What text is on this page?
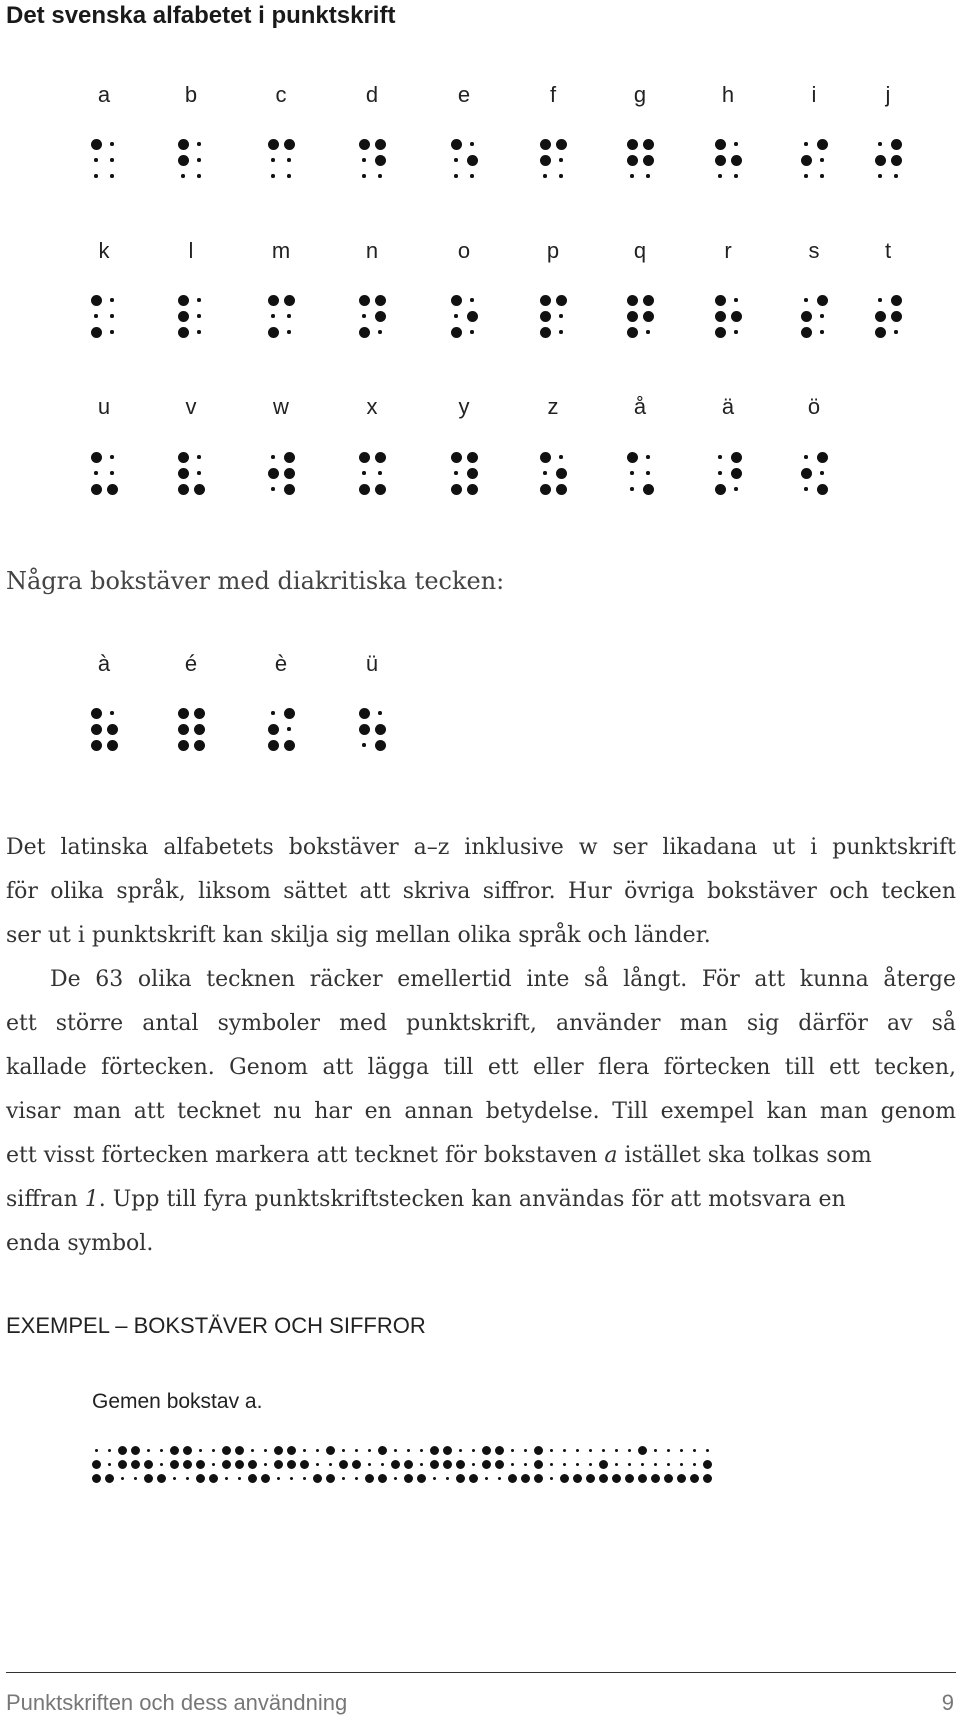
Det svenska alfabetet i punktskrift
a	b	c	d	e	f	g	h	i	j
k	l	m	n	o	p	q	r	s	t
u	v	w	x	y	z	å	ä	ö

Några bokstäver med diakritiska tecken:

à	é	è	ü
Det latinska alfabetets bokstäver a–z inklusive w ser likadana ut i punktskrift
för olika språk, liksom sättet att skriva siffror. Hur övriga bokstäver och tecken
ser ut i punktskrift kan skilja sig mellan olika språk och länder.
De 63 olika tecknen räcker emellertid inte så långt. För att kunna återge
ett större antal symboler med punktskrift, använder man sig därför av så
kallade förtecken. Genom att lägga till ett eller flera förtecken till ett tecken,
visar man att tecknet nu har en annan betydelse. Till exempel kan man genom
ett visst förtecken markera att tecknet för bokstaven a istället ska tolkas som
siffran 1. Upp till fyra punktskriftstecken kan användas för att motsvara en
enda symbol.
EXEMPEL – BOKSTÄVER OCH SIFFROR

Gemen bokstav a.

Punktskriften och dess användning	9
